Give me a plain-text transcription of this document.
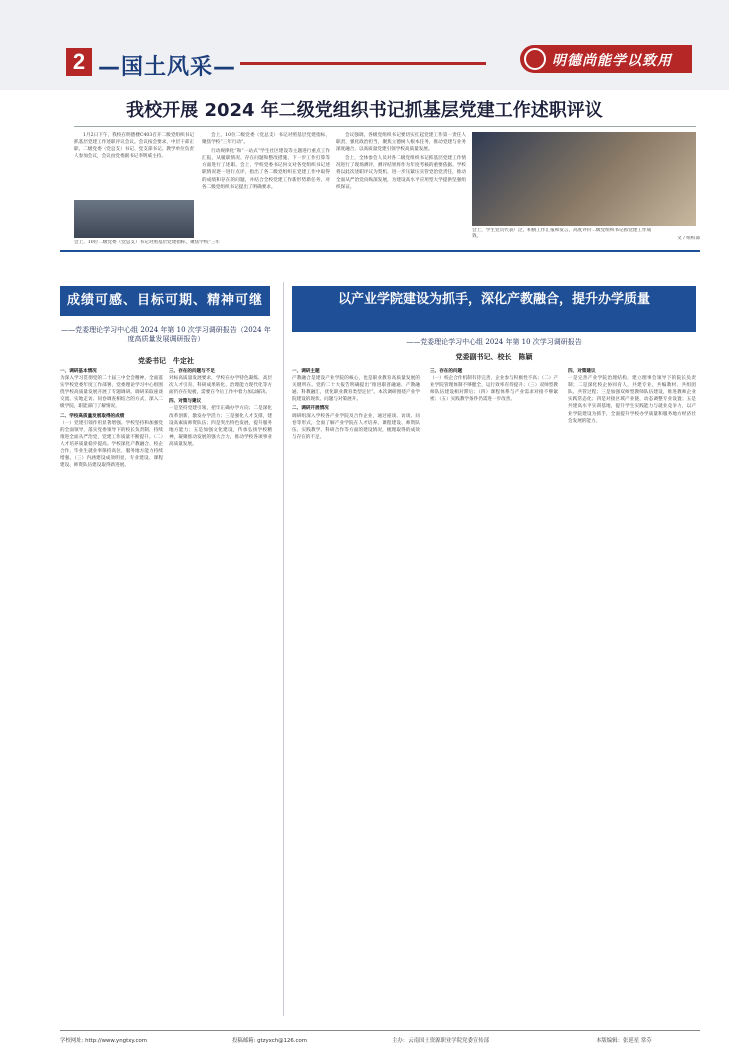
2 —国土风采—	明德尚能学以致用
我校开展 2024 年二级党组织书记抓基层党建工作述职评议

1月2日下午，我校在明德楼C403召开二级党组织书记抓基层党建工作述职评议会议。会议按会要求，中层干部正职、二级党委（党总支）书记、党支部书记、教学单位负责人参加会议，会议由党委副书记李明威主持。

会上，10位二级党委（党总支）书记对照基层党建指标，聚焦学校“三年行动”。

行动规律化”和“一站式”学生社区建设等主题进行重点工作汇报，从履职情况、存在问题和整改措施、下一步工作打算等方面进行了述职。会上，学校党委书记何文对各党组织书记述职情况逐一进行点评，指出了各二级党组织在党建工作中取得的成绩和存在的问题，并结合全校党建工作新形势新任务，对各二级党组织书记提出了明确要求。

会议强调，各级党组织书记要切实扛起党建工作第一责任人职责，强化政治担当，聚焦立德树人根本任务，推动党建与业务深度融合，以高质量党建引领学校高质量发展。

会上，全体参会人员对各二级党组织书记抓基层党建工作情况进行了现场测评，测评结果将作为年度考核的重要依据。学校将以此次述职评议为契机，进一步压紧压实管党治党责任，推动全面从严治党向纵深发展，为建设高水平应用型大学提供坚强组织保证。

会上，10位二级党委（党总支）书记对照基层党建指标，聚焦学校“三年
会上，学生党员代表广泛，积极工作汇报和发言，高度评价二级党组织书记抓党建工作成效。	文 / 组织部
成绩可感、目标可期、精神可继
——党委理论学习中心组 2024 年第 10 次学习调研报告（2024 年度高质量发展调研报告）
党委书记　牛定社

一、调研基本情况
为深入学习贯彻党的二十届三中全会精神，全面落实学校党委年度工作部署，党委理论学习中心组围绕学校高质量发展开展了专题调研。调研采取座谈交流、实地走访、问卷调查相结合的方式，深入二级学院、职能部门了解情况。

二、学校高质量发展取得的成绩
（一）党建引领作用显著增强。学校坚持和加强党的全面领导，落实党委领导下的校长负责制，持续推进全面从严治党，党建工作质量不断提升。（二）人才培养质量稳步提高。学校深化产教融合、校企合作，毕业生就业率保持高位，服务地方能力持续增强。（三）内涵建设成效明显，专业建设、课程建设、师资队伍建设取得新进展。

三、存在的问题与不足
对标高质量发展要求，学校在办学特色凝练、高层次人才引育、科研成果转化、治理能力现代化等方面仍存在短板，需要在今后工作中着力加以解决。

四、对策与建议
一是坚持党建引领，把牢正确办学方向；二是深化改革创新，激发办学活力；三是强化人才支撑，建设高素质师资队伍；四是突出特色发展，提升服务地方能力；五是加强文化建设，传承弘扬学校精神，凝聚推动发展的强大合力，推动学校各项事业高质量发展。

以产业学院建设为抓手，深化产教融合，提升办学质量
——党委理论学习中心组 2024 年第 10 次学习调研报告
党委副书记、校长　陈颖

一、调研主题
产教融合是建设产业学院的核心，也是职业教育高质量发展的关键所在。党的二十大报告明确提出“推进职普融通、产教融通、科教融汇，优化职业教育类型定位”。本次调研围绕产业学院建设的现状、问题与对策展开。

二、调研开展情况
调研组深入学校各产业学院及合作企业，通过座谈、访谈、问卷等形式，全面了解产业学院在人才培养、课程建设、师资队伍、实践教学、科研合作等方面的建设情况，梳理取得的成效与存在的不足。

三、存在的问题
（一）校企合作机制有待完善，企业参与积极性不高；（二）产业学院管理体制不够健全，运行效率有待提升；（三）双师型教师队伍建设相对滞后；（四）课程体系与产业需求对接不够紧密；（五）实践教学条件仍需进一步改善。

四、对策建议
一是完善产业学院治理结构，建立理事会领导下的院长负责制；二是深化校企协同育人，共建专业、共编教材、共组团队、共管过程；三是加强双师型教师队伍建设，推进教师企业实践常态化；四是对接区域产业链，动态调整专业设置；五是共建高水平实训基地，提升学生实践能力与就业竞争力，以产业学院建设为抓手，全面提升学校办学质量和服务地方经济社会发展的能力。

学校网址: http://www.yngtxy.com	投稿邮箱: gtzyxch@126.com	主办：云南国土资源职业学院党委宣传部	本版编辑：张延星 常芬
